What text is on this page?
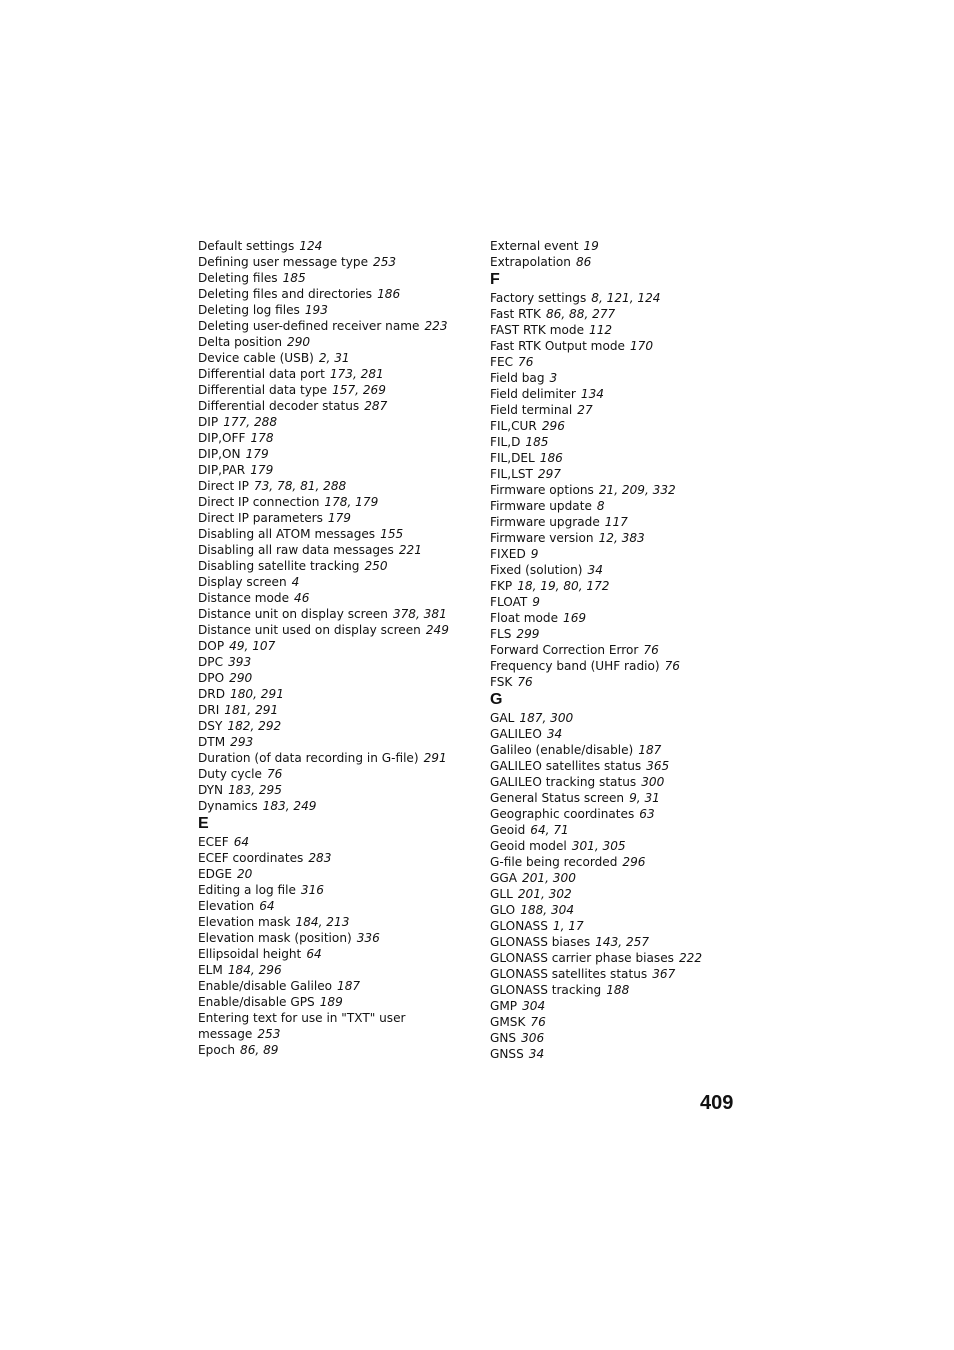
Default settings 124
Defining user message type 253
Deleting files 185
Deleting files and directories 186
Deleting log files 193
Deleting user-defined receiver name 223
Delta position 290
Device cable (USB) 2, 31
Differential data port 173, 281
Differential data type 157, 269
Differential decoder status 287
DIP 177, 288
DIP,OFF 178
DIP,ON 179
DIP,PAR 179
Direct IP 73, 78, 81, 288
Direct IP connection 178, 179
Direct IP parameters 179
Disabling all ATOM messages 155
Disabling all raw data messages 221
Disabling satellite tracking 250
Display screen 4
Distance mode 46
Distance unit on display screen 378, 381
Distance unit used on display screen 249
DOP 49, 107
DPC 393
DPO 290
DRD 180, 291
DRI 181, 291
DSY 182, 292
DTM 293
Duration (of data recording in G-file) 291
Duty cycle 76
DYN 183, 295
Dynamics 183, 249
E
ECEF 64
ECEF coordinates 283
EDGE 20
Editing a log file 316
Elevation 64
Elevation mask 184, 213
Elevation mask (position) 336
Ellipsoidal height 64
ELM 184, 296
Enable/disable Galileo 187
Enable/disable GPS 189
Entering text for use in "TXT" user message 253
Epoch 86, 89
External event 19
Extrapolation 86
F
Factory settings 8, 121, 124
Fast RTK 86, 88, 277
FAST RTK mode 112
Fast RTK Output mode 170
FEC 76
Field bag 3
Field delimiter 134
Field terminal 27
FIL,CUR 296
FIL,D 185
FIL,DEL 186
FIL,LST 297
Firmware options 21, 209, 332
Firmware update 8
Firmware upgrade 117
Firmware version 12, 383
FIXED 9
Fixed (solution) 34
FKP 18, 19, 80, 172
FLOAT 9
Float mode 169
FLS 299
Forward Correction Error 76
Frequency band (UHF radio) 76
FSK 76
G
GAL 187, 300
GALILEO 34
Galileo (enable/disable) 187
GALILEO satellites status 365
GALILEO tracking status 300
General Status screen 9, 31
Geographic coordinates 63
Geoid 64, 71
Geoid model 301, 305
G-file being recorded 296
GGA 201, 300
GLL 201, 302
GLO 188, 304
GLONASS 1, 17
GLONASS biases 143, 257
GLONASS carrier phase biases 222
GLONASS satellites status 367
GLONASS tracking 188
GMP 304
GMSK 76
GNS 306
GNSS 34
409
